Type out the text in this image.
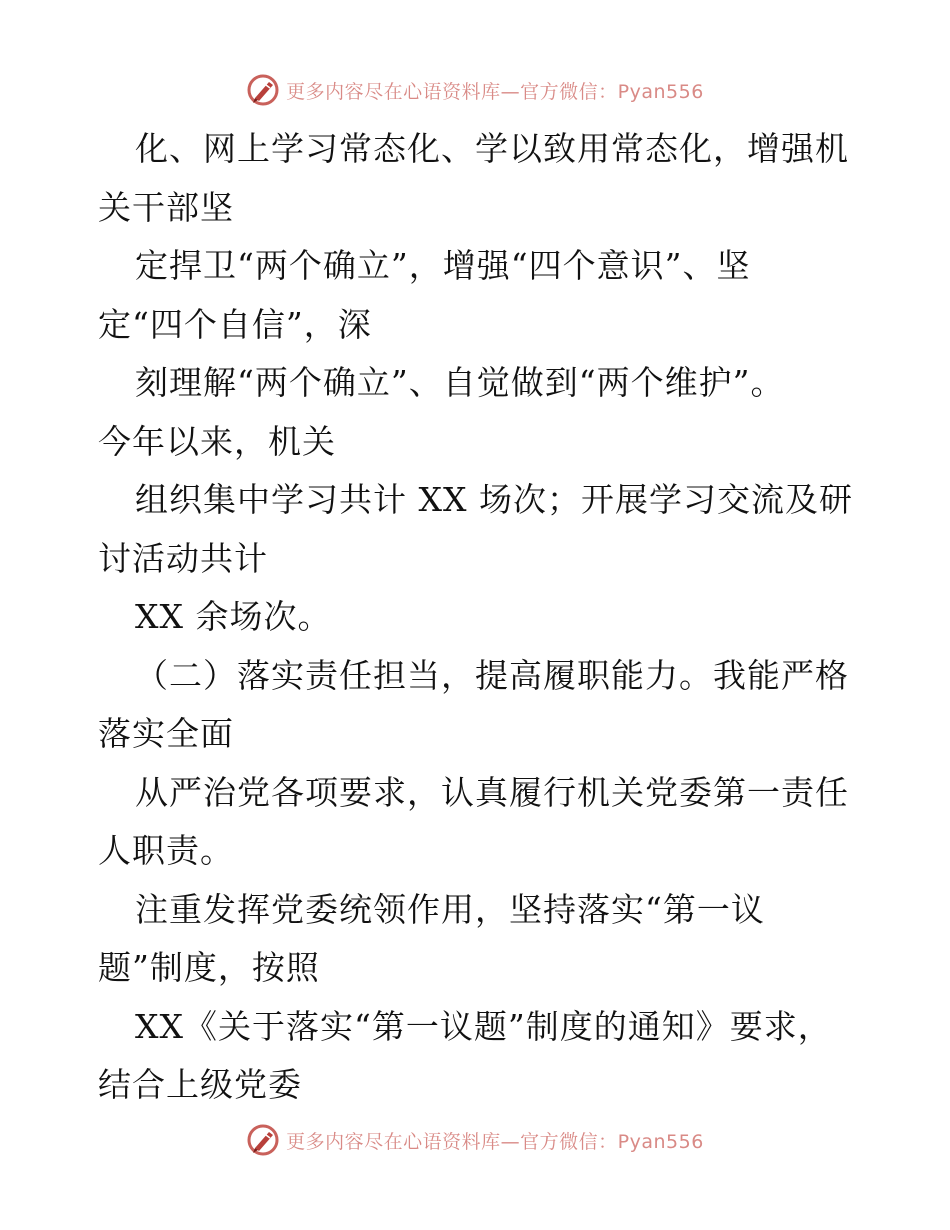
更多内容尽在心语资料库—官方微信：Pyan556
化、网上学习常态化、学以致用常态化，增强机
关干部坚
定捍卫“两个确立”，增强“四个意识”、坚
定“四个自信”，深
刻理解“两个确立”、自觉做到“两个维护”。
今年以来，机关
组织集中学习共计 XX 场次；开展学习交流及研
讨活动共计
XX 余场次。
（二）落实责任担当，提高履职能力。我能严格
落实全面
从严治党各项要求，认真履行机关党委第一责任
人职责。
注重发挥党委统领作用，坚持落实“第一议
题”制度，按照
XX《关于落实“第一议题”制度的通知》要求，
结合上级党委
更多内容尽在心语资料库—官方微信：Pyan556
